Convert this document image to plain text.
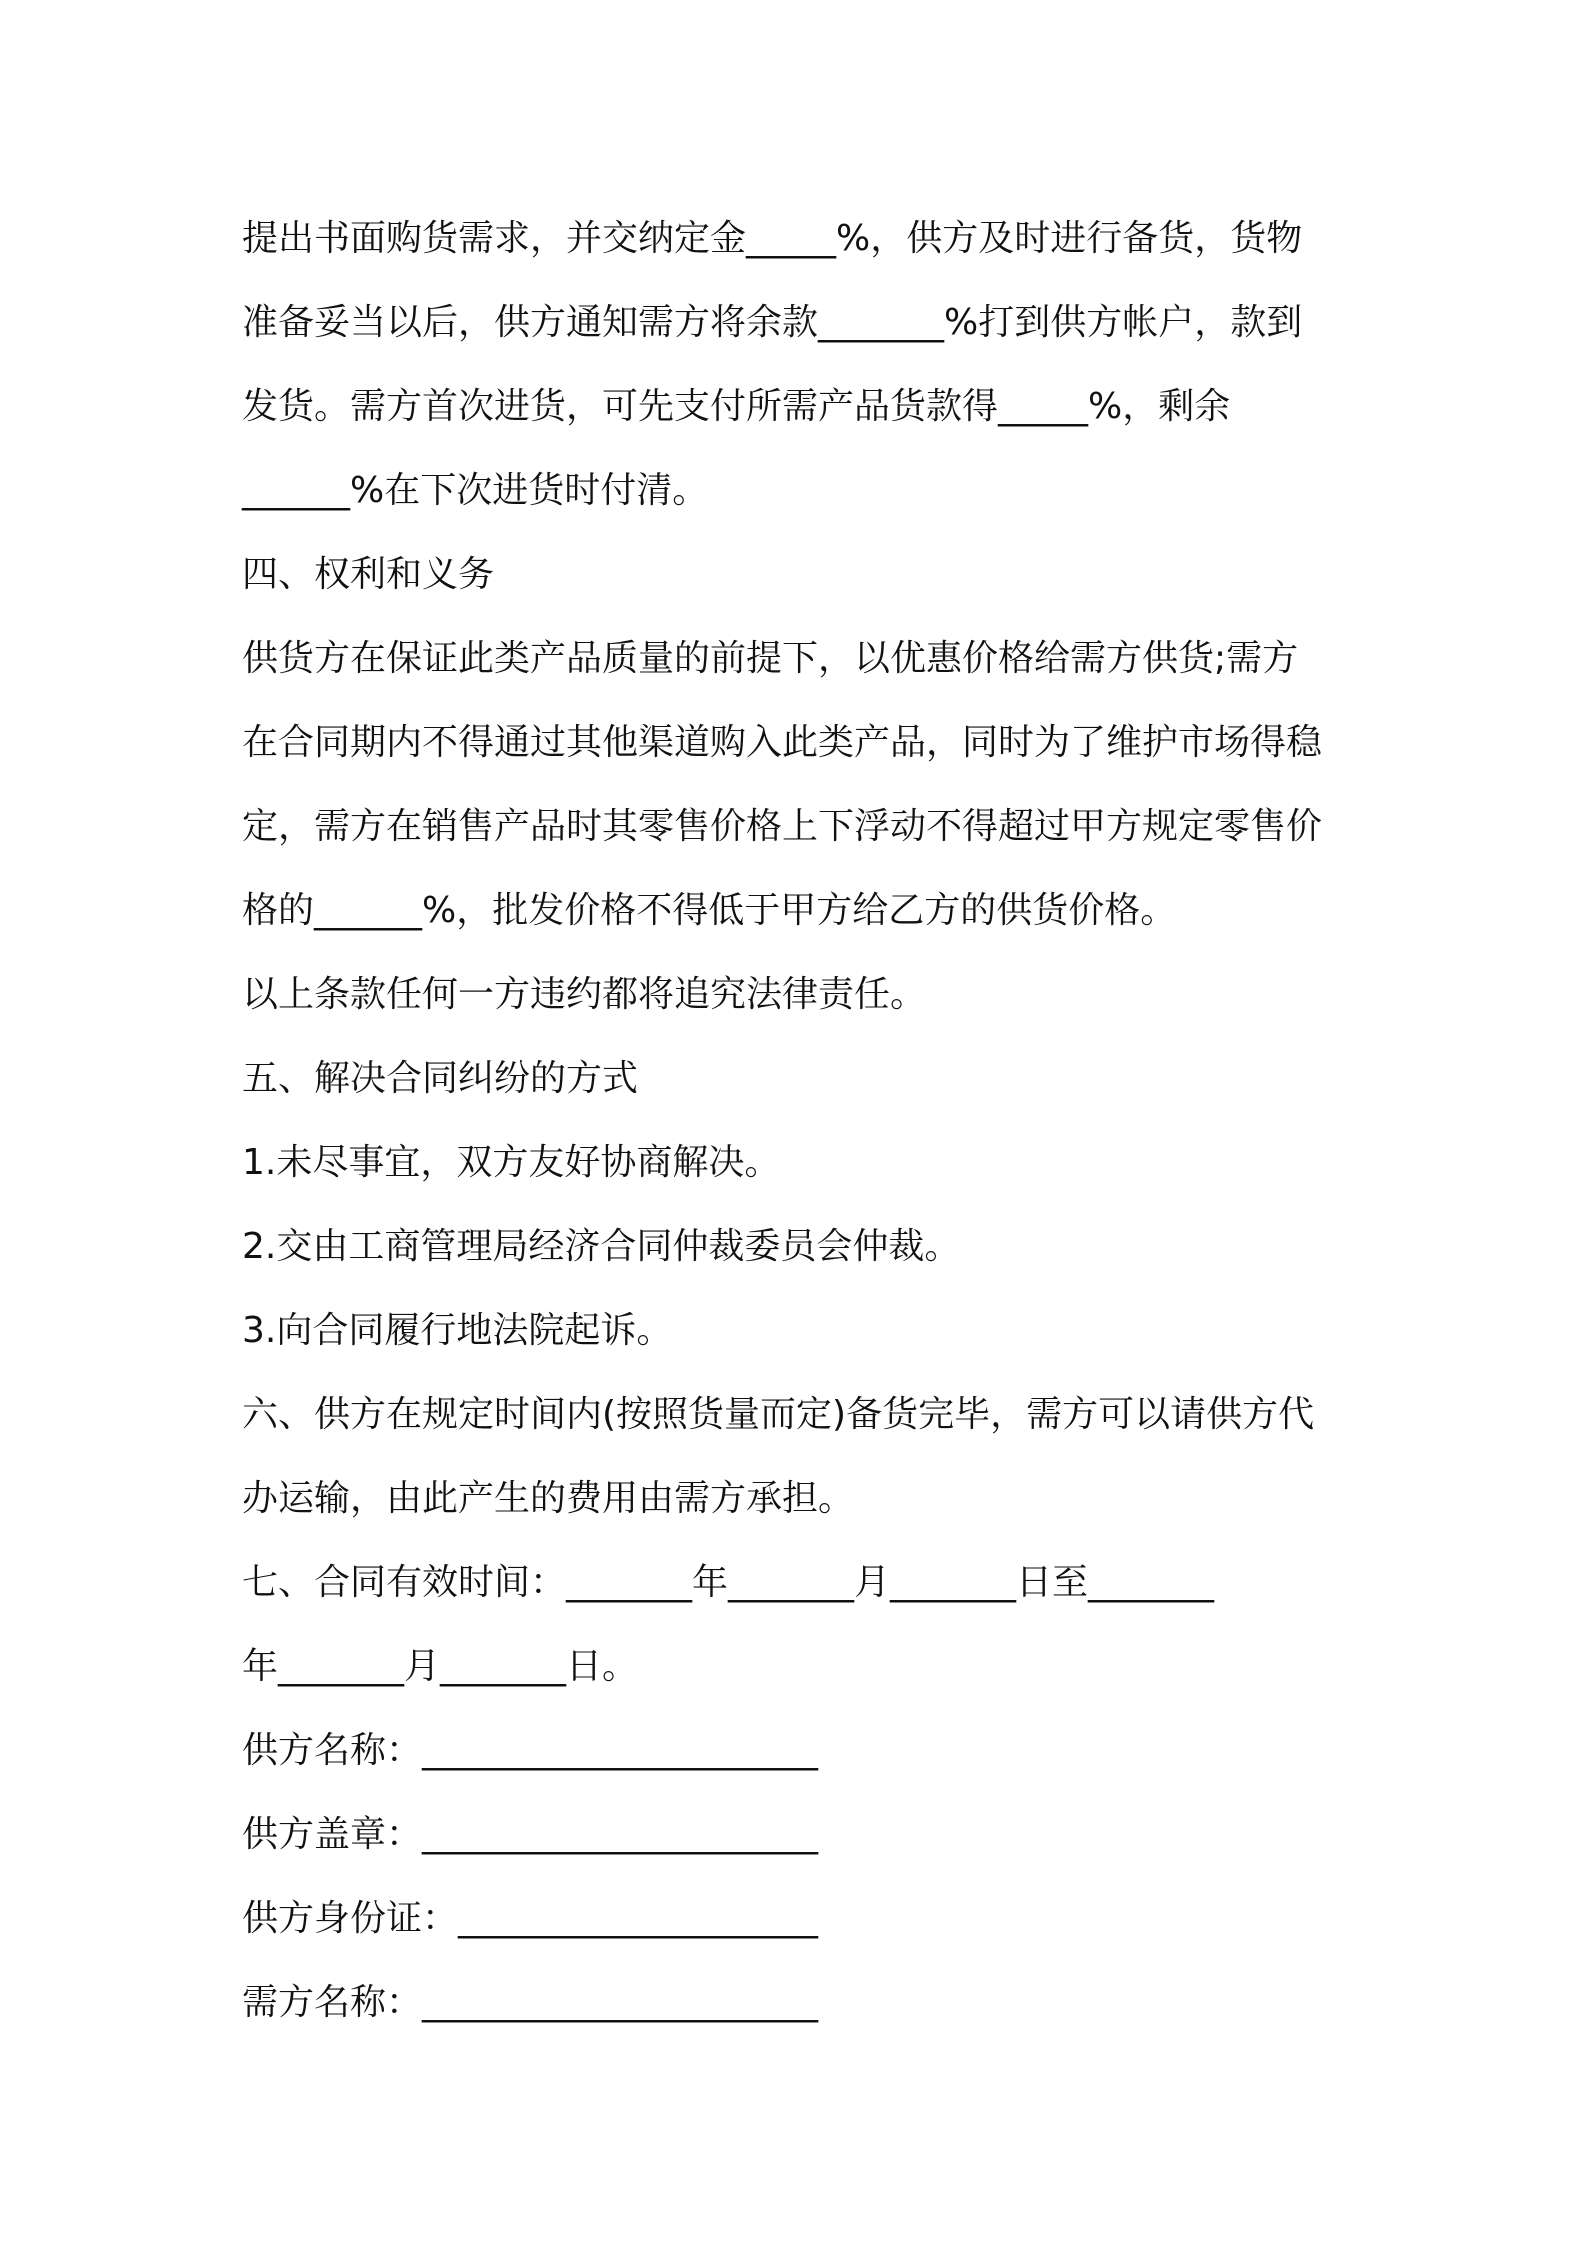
提出书面购货需求，并交纳定金_____%，供方及时进行备货，货物
准备妥当以后，供方通知需方将余款_______%打到供方帐户，款到
发货。需方首次进货，可先支付所需产品货款得_____%，剩余
______%在下次进货时付清。
四、权利和义务
供货方在保证此类产品质量的前提下，以优惠价格给需方供货;需方
在合同期内不得通过其他渠道购入此类产品，同时为了维护市场得稳
定，需方在销售产品时其零售价格上下浮动不得超过甲方规定零售价
格的______%，批发价格不得低于甲方给乙方的供货价格。
以上条款任何一方违约都将追究法律责任。
五、解决合同纠纷的方式
1.未尽事宜，双方友好协商解决。
2.交由工商管理局经济合同仲裁委员会仲裁。
3.向合同履行地法院起诉。
六、供方在规定时间内(按照货量而定)备货完毕，需方可以请供方代
办运输，由此产生的费用由需方承担。
七、合同有效时间：_______年_______月_______日至_______
年_______月_______日。
供方名称：______________________
供方盖章：______________________
供方身份证：____________________
需方名称：______________________
